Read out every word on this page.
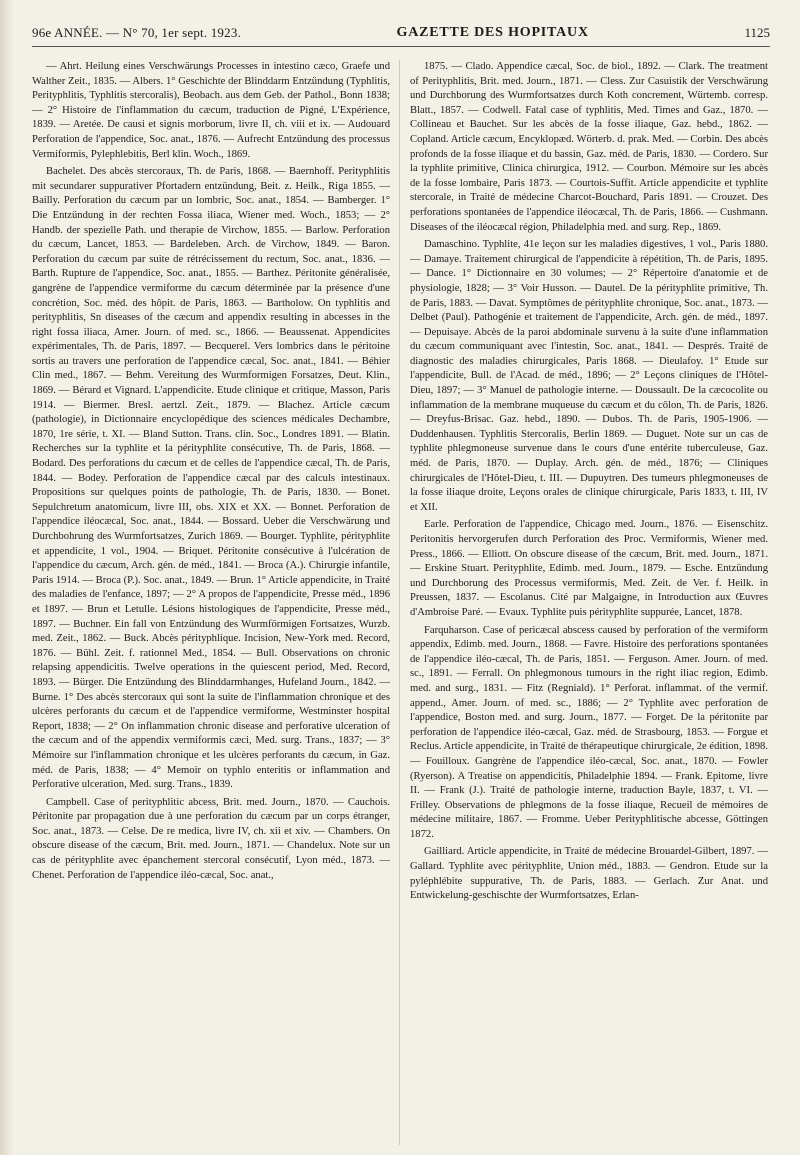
96e ANNÉE. — N° 70, 1er sept. 1923.	GAZETTE DES HOPITAUX	1125

— Ahrt. Heilung eines Verschwärungs Processes in intestino cæco, Graefe und Walther Zeit., 1835. — Albers. 1° Geschichte der Blinddarm Entzündung (Typhlitis, Perityphlitis, Typhlitis stercoralis), Beobach. aus dem Geb. der Pathol., Bonn 1838; — 2° Histoire de l'inflammation du cæcum, traduction de Pigné, L'Expérience, 1839. — Aretée. De causi et signis morborum, livre II, ch. viii et ix. — Audouard Perforation de l'appendice, Soc. anat., 1876. — Aufrecht Entzündung des processus Vermiformis, Pylephlebitis, Berl klin. Woch., 1869.

Bachelet. Des abcès stercoraux, Th. de Paris, 1868. — Baernhoff. Perityphlitis mit secundarer suppurativer Pfortadern entzündung, Beit. z. Heilk., Riga 1855. — Bailly. Perforation du cæcum par un lombric, Soc. anat., 1854. — Bamberger. 1° Die Entzündung in der rechten Fossa iliaca, Wiener med. Woch., 1853; — 2° Handb. der spezielle Path. und therapie de Virchow, 1855. — Barlow. Perforation du cæcum, Lancet, 1853. — Bardeleben. Arch. de Virchow, 1849. — Baron. Perforation du cæcum par suite de rétrécissement du rectum, Soc. anat., 1836. — Barth. Rupture de l'appendice, Soc. anat., 1855. — Barthez. Péritonite généralisée, gangrène de l'appendice vermiforme du cæcum déterminée par la présence d'une concrétion, Soc. méd. des hôpit. de Paris, 1863. — Bartholow. On typhlitis and perityphlitis, Sn diseases of the cæcum and appendix resulting in abcesses in the right fossa iliaca, Amer. Journ. of med. sc., 1866. — Beaussenat. Appendicites expérimentales, Th. de Paris, 1897. — Becquerel. Vers lombrics dans le péritoine sortis au travers une perforation de l'appendice cæcal, Soc. anat., 1841. — Béhier Clin med., 1867. — Behm. Vereitung des Wurmformigen Forsatzes, Deut. Klin., 1869. — Bérard et Vignard. L'appendicite. Etude clinique et critique, Masson, Paris 1914. — Biermer. Bresl. aertzl. Zeit., 1879. — Blachez. Article cæcum (pathologie), in Dictionnaire encyclopédique des sciences médicales Dechambre, 1870, 1re série, t. XI. — Bland Sutton. Trans. clin. Soc., Londres 1891. — Blatin. Recherches sur la typhlite et la pérityphlite consécutive, Th. de Paris, 1868. — Bodard. Des perforations du cæcum et de celles de l'appendice cæcal, Th. de Paris, 1844. — Bodey. Perforation de l'appendice cæcal par des calculs intestinaux. Propositions sur quelques points de pathologie, Th. de Paris, 1830. — Bonet. Sepulchretum anatomicum, livre III, obs. XIX et XX. — Bonnet. Perforation de l'appendice iléocæcal, Soc. anat., 1844. — Bossard. Ueber die Verschwärung und Durchbohrung des Wurmfortsatzes, Zurich 1869. — Bourget. Typhlite, pérityphlite et appendicite, 1 vol., 1904. — Briquet. Péritonite consécutive à l'ulcération de l'appendice du cæcum, Arch. gén. de méd., 1841. — Broca (A.). Chirurgie infantile, Paris 1914. — Broca (P.). Soc. anat., 1849. — Brun. 1° Article appendicite, in Traité des maladies de l'enfance, 1897; — 2° A propos de l'appendicite, Presse méd., 1896 et 1897. — Brun et Letulle. Lésions histologiques de l'appendicite, Presse méd., 1897. — Buchner. Ein fall von Entzündung des Wurmförmigen Fortsatzes, Wurzb. med. Zeit., 1862. — Buck. Abcès pérityphlique. Incision, New-York med. Record, 1876. — Bühl. Zeit. f. rationnel Med., 1854. — Bull. Observations on chronic relapsing appendicitis. Twelve operations in the quiescent period, Med. Record, 1893. — Bürger. Die Entzündung des Blinddarmhanges, Hufeland Journ., 1842. — Burne. 1° Des abcès stercoraux qui sont la suite de l'inflammation chronique et des ulcères perforants du cæcum et de l'appendice vermiforme, Westminster hospital Report, 1838; — 2° On inflammation chronic disease and perforative ulceration of the cæcum and of the appendix vermiformis cæci, Med. surg. Trans., 1837; — 3° Mémoire sur l'inflammation chronique et les ulcères perforants du cæcum, in Gaz. méd. de Paris, 1838; — 4° Memoir on typhlo enteritis or inflammation and Perforative ulceration, Med. surg. Trans., 1839.

Campbell. Case of perityphlitic abcess, Brit. med. Journ., 1870. — Cauchois. Péritonite par propagation due à une perforation du cæcum par un corps étranger, Soc. anat., 1873. — Celse. De re medica, livre IV, ch. xii et xiv. — Chambers. On obscure disease of the cæcum, Brit. med. Journ., 1871. — Chandelux. Note sur un cas de pérityphlite avec épanchement stercoral consécutif, Lyon méd., 1873. — Chenet. Perforation de l'appendice iléo-cæcal, Soc. anat.,

1875. — Clado. Appendice cæcal, Soc. de biol., 1892. — Clark. The treatment of Perityphlitis, Brit. med. Journ., 1871. — Cless. Zur Casuistik der Verschwärung und Durchborung des Wurmfortsatzes durch Koth concrement, Würtemb. corresp. Blatt., 1857. — Codwell. Fatal case of typhlitis, Med. Times and Gaz., 1870. — Collineau et Bauchet. Sur les abcès de la fosse iliaque, Gaz. hebd., 1862. — Copland. Article cæcum, Encyklopæd. Wörterb. d. prak. Med. — Corbin. Des abcès profonds de la fosse iliaque et du bassin, Gaz. méd. de Paris, 1830. — Cordero. Sur la typhlite primitive, Clinica chirurgica, 1912. — Courbon. Mémoire sur les abcès de la fosse lombaire, Paris 1873. — Courtois-Suffit. Article appendicite et typhlite stercorale, in Traité de médecine Charcot-Bouchard, Paris 1891. — Crouzet. Des perforations spontanées de l'appendice iléocæcal, Th. de Paris, 1866. — Cushmann. Diseases of the iléocæcal région, Philadelphia med. and surg. Rep., 1869.

Damaschino. Typhlite, 41e leçon sur les maladies digestives, 1 vol., Paris 1880. — Damaye. Traitement chirurgical de l'appendicite à répétition, Th. de Paris, 1895. — Dance. 1° Dictionnaire en 30 volumes; — 2° Répertoire d'anatomie et de physiologie, 1828; — 3° Voir Husson. — Dautel. De la pérityphlite primitive, Th. de Paris, 1883. — Davat. Symptômes de pérityphlite chronique, Soc. anat., 1873. — Delbet (Paul). Pathogénie et traitement de l'appendicite, Arch. gén. de méd., 1897. — Depuisaye. Abcès de la paroi abdominale survenu à la suite d'une inflammation du cæcum communiquant avec l'intestin, Soc. anat., 1841. — Després. Traité de diagnostic des maladies chirurgicales, Paris 1868. — Dieulafoy. 1° Etude sur l'appendicite, Bull. de l'Acad. de méd., 1896; — 2° Leçons cliniques de l'Hôtel-Dieu, 1897; — 3° Manuel de pathologie interne. — Doussault. De la cæcocolite ou inflammation de la membrane muqueuse du cæcum et du côlon, Th. de Paris, 1826. — Dreyfus-Brisac. Gaz. hebd., 1890. — Dubos. Th. de Paris, 1905-1906. — Duddenhausen. Typhlitis Stercoralis, Berlin 1869. — Duguet. Note sur un cas de typhlite phlegmoneuse survenue dans le cours d'une entérite tuberculeuse, Gaz. méd. de Paris, 1870. — Duplay. Arch. gén. de méd., 1876; — Cliniques chirurgicales de l'Hôtel-Dieu, t. III. — Dupuytren. Des tumeurs phlegmoneuses de la fosse iliaque droite, Leçons orales de clinique chirurgicale, Paris 1833, t. III, IV et XII.

Earle. Perforation de l'appendice, Chicago med. Journ., 1876. — Eisenschitz. Peritonitis hervorgerufen durch Perforation des Proc. Vermiformis, Wiener med. Press., 1866. — Elliott. On obscure disease of the cæcum, Brit. med. Journ., 1871. — Erskine Stuart. Perityphlite, Edimb. med. Journ., 1879. — Esche. Entzündung und Durchborung des Processus vermiformis, Med. Zeit. de Ver. f. Heilk. in Preussen, 1837. — Escolanus. Cité par Malgaigne, in Introduction aux Œuvres d'Ambroise Paré. — Evaux. Typhlite puis pérityphlite suppurée, Lancet, 1878.

Farquharson. Case of pericæcal abscess caused by perforation of the vermiform appendix, Edimb. med. Journ., 1868. — Favre. Histoire des perforations spontanées de l'appendice iléo-cæcal, Th. de Paris, 1851. — Ferguson. Amer. Journ. of med. sc., 1891. — Ferrall. On phlegmonous tumours in the right iliac region, Edimb. med. and surg., 1831. — Fitz (Regniald). 1° Perforat. inflammat. of the vermif. append., Amer. Journ. of med. sc., 1886; — 2° Typhlite avec perforation de l'appendice, Boston med. and surg. Journ., 1877. — Forget. De la péritonite par perforation de l'appendice iléo-cæcal, Gaz. méd. de Strasbourg, 1853. — Forgue et Reclus. Article appendicite, in Traité de thérapeutique chirurgicale, 2e édition, 1898. — Fouilloux. Gangrène de l'appendice iléo-cæcal, Soc. anat., 1870. — Fowler (Ryerson). A Treatise on appendicitis, Philadelphie 1894. — Frank. Epitome, livre II. — Frank (J.). Traité de pathologie interne, traduction Bayle, 1837, t. VI. — Frilley. Observations de phlegmons de la fosse iliaque, Recueil de mémoires de médecine militaire, 1867. — Fromme. Ueber Perityphlitische abcesse, Göttingen 1872.

Gailliard. Article appendicite, in Traité de médecine Brouardel-Gilbert, 1897. — Gallard. Typhlite avec pérityphlite, Union méd., 1883. — Gendron. Etude sur la pyléphlébite suppurative, Th. de Paris, 1883. — Gerlach. Zur Anat. und Entwickelung-geschischte der Wurmfortsatzes, Erlan-
